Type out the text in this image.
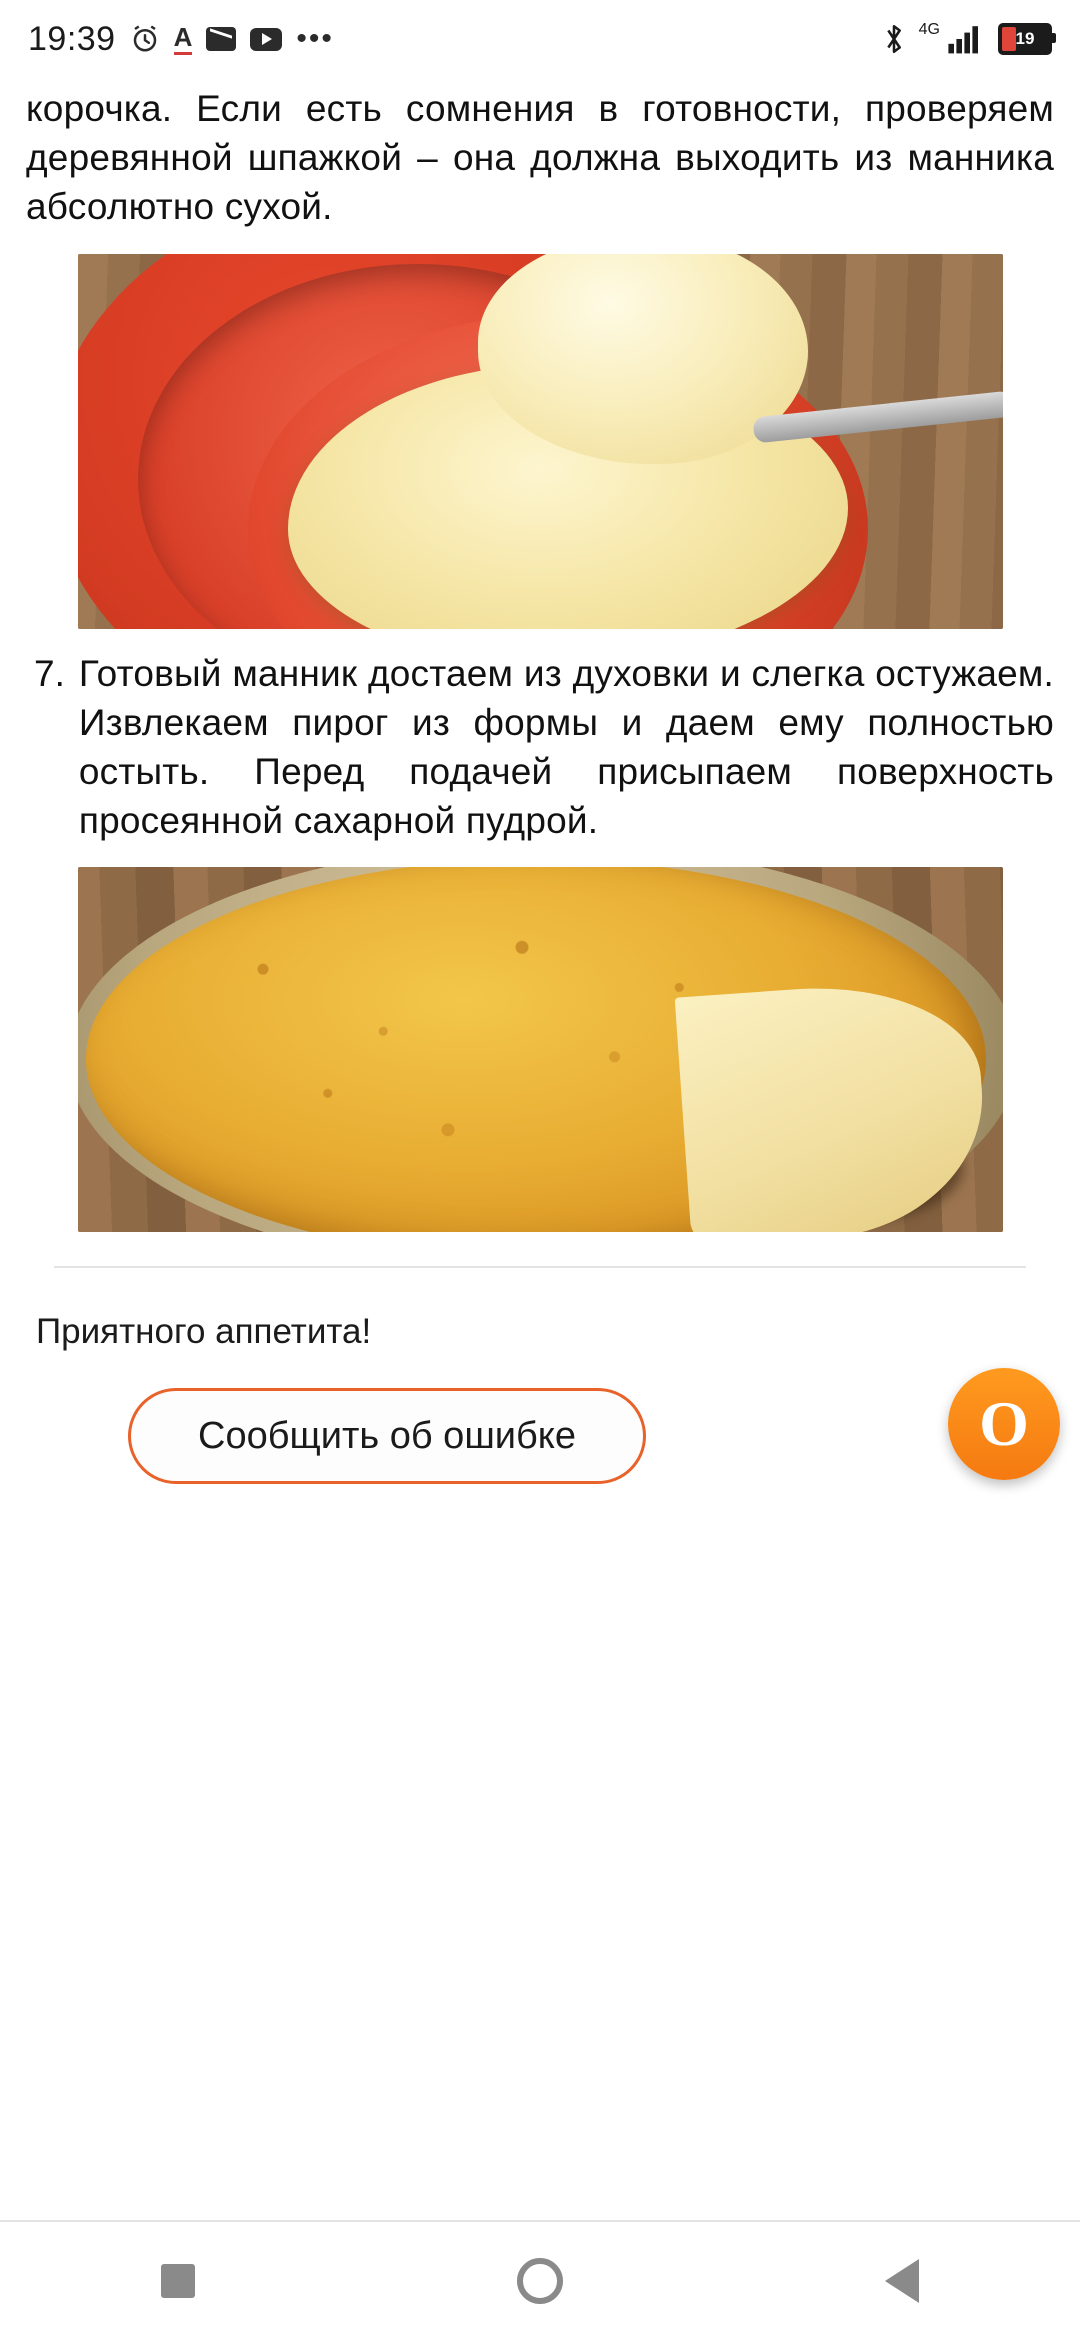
19:39 A	•••	4G	19

корочка. Если есть сомнения в готовности, проверяем деревянной шпажкой – она должна выходить из манника абсолютно сухой.

7. Готовый манник достаем из духовки и слегка остужаем. Извлекаем пирог из формы и даем ему полностью остыть. Перед подачей присыпаем поверхность просеянной сахарной пудрой.

Приятного аппетита!
Сообщить об ошибке	О
